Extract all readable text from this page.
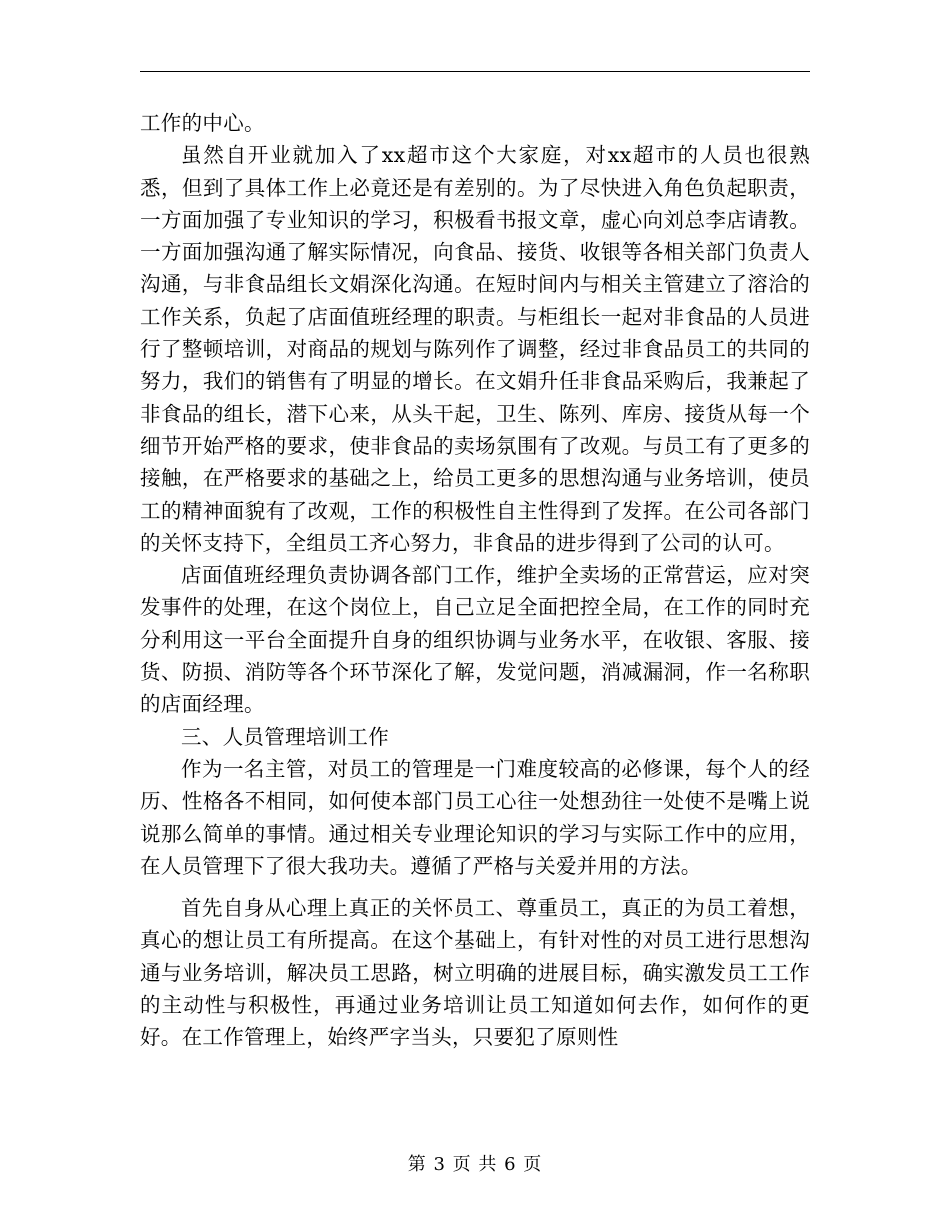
工作的中心。

虽然自开业就加入了xx超市这个大家庭，对xx超市的人员也很熟悉，但到了具体工作上必竟还是有差别的。为了尽快进入角色负起职责，一方面加强了专业知识的学习，积极看书报文章，虚心向刘总李店请教。一方面加强沟通了解实际情况，向食品、接货、收银等各相关部门负责人沟通，与非食品组长文娟深化沟通。在短时间内与相关主管建立了溶洽的工作关系，负起了店面值班经理的职责。与柜组长一起对非食品的人员进行了整顿培训，对商品的规划与陈列作了调整，经过非食品员工的共同的努力，我们的销售有了明显的增长。在文娟升任非食品采购后，我兼起了非食品的组长，潜下心来，从头干起，卫生、陈列、库房、接货从每一个细节开始严格的要求，使非食品的卖场氛围有了改观。与员工有了更多的接触，在严格要求的基础之上，给员工更多的思想沟通与业务培训，使员工的精神面貌有了改观，工作的积极性自主性得到了发挥。在公司各部门的关怀支持下，全组员工齐心努力，非食品的进步得到了公司的认可。

店面值班经理负责协调各部门工作，维护全卖场的正常营运，应对突发事件的处理，在这个岗位上，自己立足全面把控全局，在工作的同时充分利用这一平台全面提升自身的组织协调与业务水平，在收银、客服、接货、防损、消防等各个环节深化了解，发觉问题，消减漏洞，作一名称职的店面经理。

三、人员管理培训工作

作为一名主管，对员工的管理是一门难度较高的必修课，每个人的经历、性格各不相同，如何使本部门员工心往一处想劲往一处使不是嘴上说说那么简单的事情。通过相关专业理论知识的学习与实际工作中的应用，在人员管理下了很大我功夫。遵循了严格与关爱并用的方法。

首先自身从心理上真正的关怀员工、尊重员工，真正的为员工着想，真心的想让员工有所提高。在这个基础上，有针对性的对员工进行思想沟通与业务培训，解决员工思路，树立明确的进展目标，确实激发员工工作的主动性与积极性，再通过业务培训让员工知道如何去作，如何作的更好。在工作管理上，始终严字当头，只要犯了原则性

第 3 页 共 6 页
